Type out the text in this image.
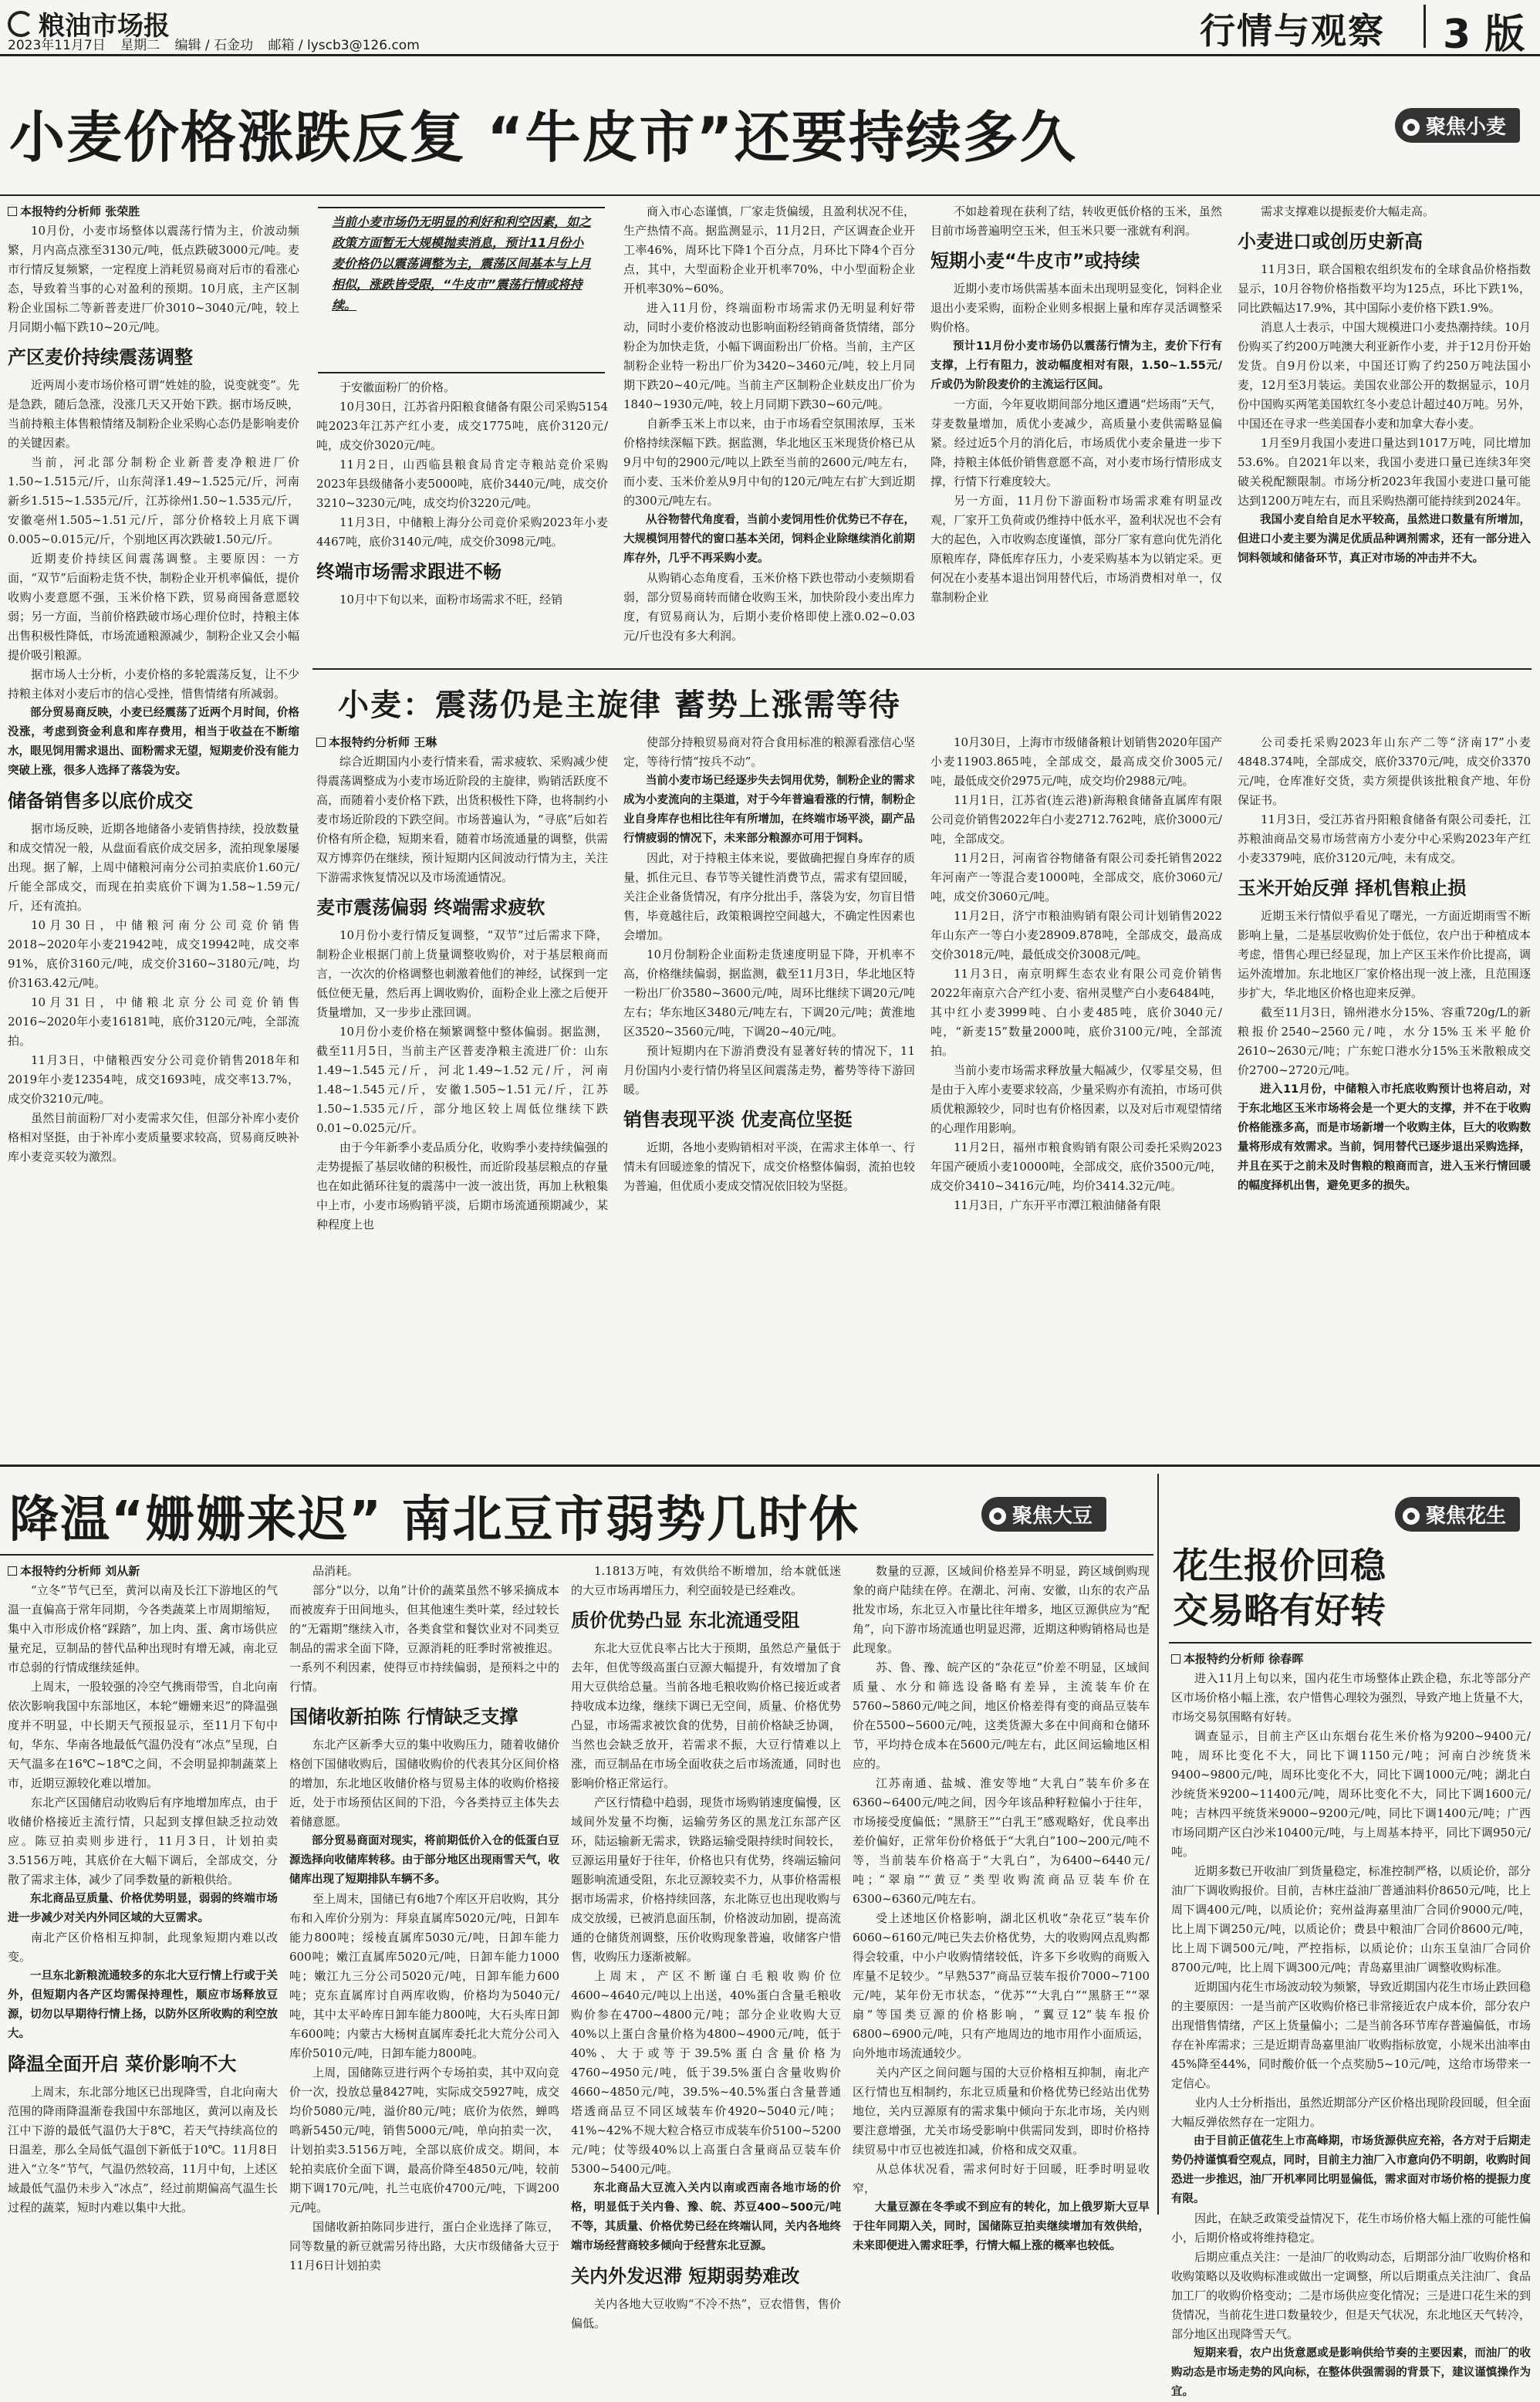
粮油市场报
2023年11月7日 星期二 编辑 / 石金功 邮箱 / lyscb3@126.com	行情与观察 3 版
小麦价格涨跌反复 “牛皮市”还要持续多久	聚焦小麦

本报特约分析师 张荣胜

10月份，小麦市场整体以震荡行情为主，价波动频繁，月内高点涨至3130元/吨，低点跌破3000元/吨。麦市行情反复频繁，一定程度上消耗贸易商对后市的看涨心态，导致着当事的心对盈利的预期。10月底，主产区制粉企业国标二等新普麦进厂价3010~3040元/吨，较上月同期小幅下跌10~20元/吨。

产区麦价持续震荡调整

近两周小麦市场价格可谓“姓娃的脸，说变就变”。先是急跌，随后急涨，没涨几天又开始下跌。据市场反映，当前持粮主体售粮情绪及制粉企业采购心态仍是影响麦价的关键因素。

当前，河北部分制粉企业新普麦净粮进厂价1.50~1.515元/斤，山东菏泽1.49~1.525元/斤，河南新乡1.515~1.535元/斤，江苏徐州1.50~1.535元/斤，安徽亳州1.505~1.51元/斤，部分价格较上月底下调0.005~0.015元/斤，个别地区再次跌破1.50元/斤。

近期麦价持续区间震荡调整。主要原因：一方面，“双节”后面粉走货不快，制粉企业开机率偏低，提价收购小麦意愿不强，玉米价格下跌，贸易商囤备意愿较弱；另一方面，当前价格跌破市场心理价位时，持粮主体出售积极性降低，市场流通粮源减少，制粉企业又会小幅提价吸引粮源。

据市场人士分析，小麦价格的多轮震荡反复，让不少持粮主体对小麦后市的信心受挫，惜售情绪有所减弱。

部分贸易商反映，小麦已经震荡了近两个月时间，价格没涨，考虑到资金利息和库存费用，相当于收益在不断缩水，眼见饲用需求退出、面粉需求无望，短期麦价没有能力突破上涨，很多人选择了落袋为安。

储备销售多以底价成交

据市场反映，近期各地储备小麦销售持续，投放数量和成交情况一般，从盘面看底价成交居多，流拍现象屡屡出现。据了解，上周中储粮河南分公司拍卖底价1.60元/斤能全部成交，而现在拍卖底价下调为1.58~1.59元/斤，还有流拍。

10月30日，中储粮河南分公司竞价销售2018~2020年小麦21942吨，成交19942吨，成交率91%，底价3160元/吨，成交价3160~3180元/吨，均价3163.42元/吨。

10月31日，中储粮北京分公司竞价销售2016~2020年小麦16181吨，底价3120元/吨，全部流拍。

11月3日，中储粮西安分公司竞价销售2018年和2019年小麦12354吨，成交1693吨，成交率13.7%，成交价3210元/吨。

虽然目前面粉厂对小麦需求欠佳，但部分补库小麦价格相对坚挺，由于补库小麦质量要求较高，贸易商反映补库小麦竞买较为激烈。

当前小麦市场仍无明显的利好和利空因素，如之政策方面暂无大规模抛卖消息，预计11月份小麦价格仍以震荡调整为主，震荡区间基本与上月相似，涨跌皆受限，“牛皮市”震荡行情或将持续。

于安徽面粉厂的价格。

10月30日，江苏省丹阳粮食储备有限公司采购5154吨2023年江苏产红小麦，成交1775吨，底价3120元/吨，成交价3020元/吨。

11月2日，山西临县粮食局肯定寺粮站竞价采购2023年县级储备小麦5000吨，底价3440元/吨，成交价3210~3230元/吨，成交均价3220元/吨。

11月3日，中储粮上海分公司竞价采购2023年小麦4467吨，底价3140元/吨，成交价3098元/吨。

终端市场需求跟进不畅

10月中下旬以来，面粉市场需求不旺，经销

商入市心态谨慎，厂家走货偏缓，且盈利状况不佳，生产热情不高。据监测显示，11月2日，产区调查企业开工率46%，周环比下降1个百分点，月环比下降4个百分点，其中，大型面粉企业开机率70%，中小型面粉企业开机率30%~60%。

进入11月份，终端面粉市场需求仍无明显利好带动，同时小麦价格波动也影响面粉经销商备货情绪，部分粉企为加快走货，小幅下调面粉出厂价格。当前，主产区制粉企业特一粉出厂价为3420~3460元/吨，较上月同期下跌20~40元/吨。当前主产区制粉企业麸皮出厂价为1840~1930元/吨，较上月同期下跌30~60元/吨。

自新季玉米上市以来，由于市场看空氛围浓厚，玉米价格持续深幅下跌。据监测，华北地区玉米现货价格已从9月中旬的2900元/吨以上跌至当前的2600元/吨左右，而小麦、玉米价差从9月中旬的120元/吨左右扩大到近期的300元/吨左右。

从谷物替代角度看，当前小麦饲用性价优势已不存在，大规模饲用替代的窗口基本关闭，饲料企业除继续消化前期库存外，几乎不再采购小麦。

从购销心态角度看，玉米价格下跌也带动小麦频期看弱，部分贸易商转而储仓收购玉米，加快阶段小麦出库力度，有贸易商认为，后期小麦价格即使上涨0.02~0.03元/斤也没有多大利润。

不如趁着现在获利了结，转收更低价格的玉米，虽然目前市场普遍明空玉米，但玉米只要一涨就有利润。

短期小麦“牛皮市”或持续

近期小麦市场供需基本面未出现明显变化，饲料企业退出小麦采购，面粉企业则多根据上量和库存灵活调整采购价格。

预计11月份小麦市场仍以震荡行情为主，麦价下行有支撑，上行有阻力，波动幅度相对有限，1.50~1.55元/斤或仍为阶段麦价的主流运行区间。

一方面，今年夏收期间部分地区遭遇“烂场雨”天气，芽麦数量增加，质优小麦减少，高质量小麦供需略显偏紧。经过近5个月的消化后，市场质优小麦余量进一步下降，持粮主体低价销售意愿不高，对小麦市场行情形成支撑，行情下行难度较大。

另一方面，11月份下游面粉市场需求难有明显改观，厂家开工负荷或仍维持中低水平，盈利状况也不会有大的起色，入市收购态度谨慎，部分厂家有意向优先消化原粮库存，降低库存压力，小麦采购基本为以销定采。更何况在小麦基本退出饲用替代后，市场消费相对单一，仅靠制粉企业

需求支撑难以提振麦价大幅走高。

小麦进口或创历史新高

11月3日，联合国粮农组织发布的全球食品价格指数显示，10月谷物价格指数平均为125点，环比下跌1%，同比跌幅达17.9%，其中国际小麦价格下跌1.9%。

消息人士表示，中国大规模进口小麦热潮持续。10月份购买了约200万吨澳大利亚新作小麦，并于12月份开始发货。自9月份以来，中国还订购了约250万吨法国小麦，12月至3月装运。美国农业部公开的数据显示，10月份中国购买两笔美国软红冬小麦总计超过40万吨。另外，中国还在寻求一些美国春小麦和加拿大春小麦。

1月至9月我国小麦进口量达到1017万吨，同比增加53.6%。自2021年以来，我国小麦进口量已连续3年突破关税配额限制。市场分析2023年我国小麦进口量可能达到1200万吨左右，而且采购热潮可能持续到2024年。

我国小麦自给自足水平较高，虽然进口数量有所增加，但进口小麦主要为满足优质品种调剂需求，还有一部分进入饲料领域和储备环节，真正对市场的冲击并不大。

小麦：震荡仍是主旋律 蓄势上涨需等待

本报特约分析师 王琳

综合近期国内小麦行情来看，需求疲软、采购减少使得震荡调整成为小麦市场近阶段的主旋律，购销活跃度不高，而随着小麦价格下跌，出货积极性下降，也将制约小麦市场近阶段的下跌空间。市场普遍认为，“寻底”后如若价格有所企稳，短期来看，随着市场流通量的调整，供需双方博弈仍在继续，预计短期内区间波动行情为主，关注下游需求恢复情况以及市场流通情况。

麦市震荡偏弱 终端需求疲软

10月份小麦行情反复调整，“双节”过后需求下降，制粉企业根据门前上货量调整收购价，对于基层粮商而言，一次次的价格调整也刺激着他们的神经，试探到一定低位便无量，然后再上调收购价，面粉企业上涨之后便开货量增加，又一步步止涨回调。

10月份小麦价格在频繁调整中整体偏弱。据监测，截至11月5日，当前主产区普麦净粮主流进厂价：山东1.49~1.545元/斤，河北1.49~1.52元/斤，河南1.48~1.545元/斤，安徽1.505~1.51元/斤，江苏1.50~1.535元/斤，部分地区较上周低位继续下跌0.01~0.025元/斤。

由于今年新季小麦品质分化，收购季小麦持续偏强的走势提振了基层收储的积极性，而近阶段基层粮点的存量也在如此循环往复的震荡中一波一波出货，再加上秋粮集中上市，小麦市场购销平淡，后期市场流通预期减少，某种程度上也

使部分持粮贸易商对符合食用标准的粮源看涨信心坚定，等待行情“按兵不动”。

当前小麦市场已经逐步失去饲用优势，制粉企业的需求成为小麦流向的主渠道，对于今年普遍看涨的行情，制粉企业自身库存也相比往年有所增加，在终端市场平淡，副产品行情疲弱的情况下，未来部分粮源亦可用于饲料。

因此，对于持粮主体来说，要做确把握自身库存的质量，抓住元旦、春节等关键性消费节点，需求有望回暖，关注企业备货情况，有序分批出手，落袋为安，勿盲目惜售，毕竟越往后，政策粮调控空间越大，不确定性因素也会增加。

10月份制粉企业面粉走货速度明显下降，开机率不高，价格继续偏弱，据监测，截至11月3日，华北地区特一粉出厂价3580~3600元/吨，周环比继续下调20元/吨左右；华东地区3480元/吨左右，下调20元/吨；黄淮地区3520~3560元/吨，下调20~40元/吨。

预计短期内在下游消费没有显著好转的情况下，11月份国内小麦行情仍将呈区间震荡走势，蓄势等待下游回暖。

销售表现平淡 优麦高位坚挺

近期，各地小麦购销相对平淡，在需求主体单一、行情未有回暖迹象的情况下，成交价格整体偏弱，流拍也较为普遍，但优质小麦成交情况依旧较为坚挺。

10月30日，上海市市级储备粮计划销售2020年国产小麦11903.865吨，全部成交，最高成交价3005元/吨，最低成交价2975元/吨，成交均价2988元/吨。

11月1日，江苏省(连云港)新海粮食储备直属库有限公司竞价销售2022年白小麦2712.762吨，底价3000元/吨，全部成交。

11月2日，河南省谷物储备有限公司委托销售2022年河南产一等混合麦1000吨，全部成交，底价3060元/吨，成交价3060元/吨。

11月2日，济宁市粮油购销有限公司计划销售2022年山东产一等白小麦28909.878吨，全部成交，最高成交价3018元/吨，最低成交价3008元/吨。

11月3日，南京明辉生态农业有限公司竞价销售2022年南京六合产红小麦、宿州灵璧产白小麦6484吨，其中红小麦3999吨、白小麦485吨，底价3040元/吨，“新麦15”数量2000吨，底价3100元/吨，全部流拍。

当前小麦市场需求释放量大幅减少，仅零星交易，但是由于入库小麦要求较高，少量采购亦有流拍，市场可供质优粮源较少，同时也有价格因素，以及对后市观望情绪的心理作用影响。

11月2日，福州市粮食购销有限公司委托采购2023年国产硬质小麦10000吨，全部成交，底价3500元/吨，成交价3410~3416元/吨，均价3414.32元/吨。

11月3日，广东开平市潭江粮油储备有限

公司委托采购2023年山东产二等“济南17”小麦4848.374吨，全部成交，底价3370元/吨，成交价3370元/吨，仓库准好交货，卖方须提供该批粮食产地、年份保证书。

11月3日，受江苏省丹阳粮食储备有限公司委托，江苏粮油商品交易市场营南方小麦分中心采购2023年产红小麦3379吨，底价3120元/吨，未有成交。

玉米开始反弹 择机售粮止损

近期玉米行情似乎看见了曙光，一方面近期雨雪不断影响上量，二是基层收购价处于低位，农户出于种植成本考虑，惜售心理已经显现，加上产区玉米作价比提高，调运外流增加。东北地区厂家价格出现一波上涨，且范围逐步扩大，华北地区价格也迎来反弹。

截至11月3日，锦州港水分15%、容重720g/L的新粮报价2540~2560元/吨，水分15%玉米平舱价2610~2630元/吨；广东蛇口港水分15%玉米散粮成交价2700~2720元/吨。

进入11月份，中储粮入市托底收购预计也将启动，对于东北地区玉米市场将会是一个更大的支撑，并不在于收购价格能涨多高，而是市场新增一个收购主体，巨大的收购数量将形成有效需求。当前，饲用替代已逐步退出采购选择，并且在买于之前未及时售粮的粮商而言，进入玉米行情回暖的幅度择机出售，避免更多的损失。

降温“姗姗来迟” 南北豆市弱势几时休	聚焦大豆

本报特约分析师 刘从新

“立冬”节气已至，黄河以南及长江下游地区的气温一直偏高于常年同期，今各类蔬菜上市周期缩短，集中入市形成价格“踩踏”，加上肉、蛋、禽市场供应量充足，豆制品的替代品种出现时有增无减，南北豆市总弱的行情成继续延伸。

上周末，一股较强的冷空气携雨带雪，自北向南依次影响我国中东部地区，本轮“姗姗来迟”的降温强度并不明显，中长期天气预报显示，至11月下旬中旬，华东、华南各地最低气温仍没有“冰点”呈现，白天气温多在16℃~18℃之间，不会明显抑制蔬菜上市，近期豆源较化难以增加。

东北产区国储启动收购后有序地增加库点，由于收储价格接近主流行情，只起到支撑但缺乏拉动效应。陈豆拍卖则步进行，11月3日，计划拍卖3.5156万吨，其底价在大幅下调后，全部成交，分散了需求主体，减少了同季数量的新粮供给。

东北商品豆质量、价格优势明显，弱弱的终端市场进一步减少对关内外同区域的大豆需求。

南北产区价格相互抑制，此现象短期内难以改变。

一旦东北新粮流通较多的东北大豆行情上行或于关外，但短期内各产区均需保持理性，顺应市场释放豆源，切勿以早期待行情上扬，以防外区所收购的利空放大。

降温全面开启 菜价影响不大

上周末，东北部分地区已出现降雪，自北向南大范围的降雨降温渐卷我国中东部地区，黄河以南及长江中下游的最低气温仍大于8℃，若天气持续高位的日温差，那么全局低气温创下新低于10℃。11月8日进入“立冬”节气，气温仍然较高，11月中旬，上述区域最低气温仍未步入“冰点”，经过前期偏高气温生长过程的蔬菜，短时内难以集中大批。

品消耗。

部分“以分，以角”计价的蔬菜虽然不够采摘成本而被废弃于田间地头，但其他速生类叶菜，经过较长的“无霜期”继续入市，各类食堂和餐饮业对不同类豆制品的需求全面下降，豆源消耗的旺季时常被推迟。一系列不利因素，使得豆市持续偏弱，是预料之中的行情。

国储收新拍陈 行情缺乏支撑

东北产区新季大豆的集中收购压力，随着收储价格创下国储收购后，国储收购价的代表其分区间价格的增加，东北地区收储价格与贸易主体的收购价格接近，处于市场预估区间的下沿，今各类持豆主体失去着储意愿。

部分贸易商面对现实，将前期低价入仓的低蛋白豆源选择向收储库转移。由于部分地区出现雨雪天气，收储库出现了短期排队车辆不多。

至上周末，国储已有6地7个库区开启收购，其分布和入库价分别为：拜泉直属库5020元/吨，日卸车能力800吨；绥棱直属库5030元/吨，日卸车能力600吨；嫩江直属库5020元/吨，日卸车能力1000吨；嫩江九三分公司5020元/吨，日卸车能力600吨；克东直属库讨自两库收购，价格均为5040元/吨，其中太平岭库日卸车能力800吨，大石头库日卸车600吨；内蒙古大杨树直属库委托北大荒分公司入库价5010元/吨，日卸车能力800吨。

上周，国储陈豆进行两个专场拍卖，其中双向竞价一次，投放总量8427吨，实际成交5927吨，成交均价5080元/吨，溢价80元/吨；底价为依然，蝉鸣鸣新5450元/吨，销售5000元/吨，单向拍卖一次，计划拍卖3.5156万吨，全部以底价成交。期间，本轮拍卖底价全面下调，最高价降至4850元/吨，较前期下调170元/吨，扎兰屯底价4700元/吨，下调200元/吨。

国储收新拍陈同步进行，蛋白企业选择了陈豆，同等数量的新豆就需另待出路，大庆市级储备大豆于11月6日计划拍卖

1.1813万吨，有效供给不断增加，给本就低迷的大豆市场再增压力，利空面较是已经难改。

质价优势凸显 东北流通受阻

东北大豆优良率占比大于预期，虽然总产量低于去年，但优等级高蛋白豆源大幅提升，有效增加了食用大豆供给总量。当前各地毛粮收购价格已接近或者持收成本边缘，继续下调已无空间，质量、价格优势凸显，市场需求被饮食的优势，目前价格缺乏协调，当然也会缺乏放开，若需求不振，大豆行情难以上涨，而豆制品在市场全面收获之后市场流通，同时也影响价格正常运行。

产区行情稳中趋弱，现货市场购销速度偏慢，区域间外发量不均衡，运输劳务区的黑龙江东部产区环，陆运输新无需求，铁路运输受限持续时间较长，豆源运用量好于往年，价格也只有优势，终端运输问题影响流通受阻，东北豆源较卖不力，从事价格需根据市场需求，价格持续回落，东北陈豆也出现收购与成交放缓，已被消息面压制，价格波动加剧，提高流通的仓储货剂调整，压价收购现象普遍，收储客户惜售，收购压力逐渐被解。

上周末，产区不断谨白毛粮收购价位4600~4640元/吨以上出送，40%蛋白含量毛粮收购价参在4700~4800元/吨；部分企业收购大豆40%以上蛋白含量价格为4800~4900元/吨，低于40%、大于或等于39.5%蛋白含量价格为4760~4950元/吨，低于39.5%蛋白含量收购价4660~4850元/吨，39.5%~40.5%蛋白含量普通塔透商品豆不同区域装车价4920~5040元/吨；41%~42%不规大粒合格豆市成装车价5100~5200元/吨；仗等级40%以上高蛋白含量商品豆装车价5300~5400元/吨。

东北商品大豆流入关内以南或西南各地市场的价格，明显低于关内鲁、豫、皖、苏豆400~500元/吨不等，其质量、价格优势已经在终端认同，关内各地终端市场经营商较多倾向于经营东北豆源。

关内外发迟滞 短期弱势难改

关内各地大豆收购“不冷不热”，豆农惜售，售价偏低。

数量的豆源，区域间价格差异不明显，跨区域倒购现象的商户陆续在停。在潮北、河南、安徽，山东的农产品批发市场，东北豆入市量比往年增多，地区豆源供应为“配角”，向下游市场流通也明显迟滞，近期这种购销格局也是此现象。

苏、鲁、豫、皖产区的“杂花豆”价差不明显，区域间质量、水分和筛选设备略有差异，主流装车价在5760~5860元/吨之间，地区价格差得有变的商品豆装车价在5500~5600元/吨，这类货源大多在中间商和仓储环节，平均持仓成本在5600元/吨左右，此区间运输地区相应的。

江苏南通、盐城、淮安等地“大乳白”装车价多在6360~6400元/吨之间，因今年该品种籽粒偏小于往年，市场接受度偏低；“黑脐王”“白乳王”感观略好，优良率出差价偏好，正常年份价格低于“大乳白”100~200元/吨不等，当前装车价格高于“大乳白”，为6400~6440元/吨；“翠扇”“黄豆”类型收购流商品豆装车价在6300~6360元/吨左右。

受上述地区价格影响，湖北区机收“杂花豆”装车价6060~6160元/吨已失去价格优势，大的收购网点乱购都得会较重，中小户收购情绪较低，许多下乡收购的商贩入库量不足较少。“早熟537”商品豆装车报价7000~7100元/吨，某年份无市状态，“优苏”“大乳白”“黑脐王”“翠扇”等国类豆源的价格影响，“翼豆12”装车报价6800~6900元/吨，只有产地周边的地市用作小面质运，向外地市场流通较少。

关内产区之间问题与国的大豆价格相互抑制，南北产区行情也互相制约，东北豆质量和价格优势已经站出优势地位，关内豆源原有的需求集中倾向于东北市场，关内则要注意增强，尤关市场受影响中供需同发到，即时价格持续贸易中市豆也被连扣减，价格和成交双重。

从总体状况看，需求何时好于回暖，旺季时明显收窄，

大量豆源在冬季或不到应有的转化，加上俄罗斯大豆早于往年同期入关，同时，国储陈豆拍卖继续增加有效供给，未来即便进入需求旺季，行情大幅上涨的概率也较低。

聚焦花生
花生报价回稳
交易略有好转

本报特约分析师 徐春晖

进入11月上旬以来，国内花生市场整体止跌企稳，东北等部分产区市场价格小幅上涨，农户惜售心理较为强烈，导致产地上货量不大，市场交易氛围略有好转。

调查显示，目前主产区山东烟台花生米价格为9200~9400元/吨，周环比变化不大，同比下调1150元/吨；河南白沙统货米9400~9800元/吨，周环比变化不大，同比下调1000元/吨；湖北白沙统货米9200~11400元/吨，周环比变化不大，同比下调1600元/吨；吉林四平统货米9000~9200元/吨，同比下调1400元/吨；广西市场同期产区白沙米10400元/吨，与上周基本持平，同比下调950元/吨。

近期多数已开收油厂到货量稳定，标准控制严格，以质论价，部分油厂下调收购报价。目前，吉林庄益油厂普通油料价8650元/吨，比上周下调400元/吨，以质论价；兖州益海嘉里油厂合同价9000元/吨，比上周下调250元/吨，以质论价；费县中粮油厂合同价8600元/吨，比上周下调500元/吨，严控指标，以质论价；山东玉皇油厂合同价8700元/吨，比上周下调300元/吨；青岛嘉里油厂调整收购标准。

近期国内花生市场波动较为频繁，导致近期国内花生市场止跌回稳的主要原因：一是当前产区收购价格已非常接近农户成本价，部分农户出现惜售情绪，产区上货量偏小；二是当前各环节库存普遍偏低，市场存在补库需求；三是近期青岛嘉里油厂收购指标放宽，小规米出油率由45%降至44%，同时酸价低一个点奖励5~10元/吨，这给市场带来一定信心。

业内人士分析指出，虽然近期部分产区价格出现阶段回暖，但全面大幅反弹依然存在一定阻力。

由于目前正值花生上市高峰期，市场货源供应充裕，各方对于后期走势仍持谨慎看空观点，同时，目前主力油厂入市意向仍不明朗，收购时间恐进一步推迟，油厂开机率同比明显偏低，需求面对市场价格的提振力度有限。

因此，在缺乏政策受益情况下，花生市场价格大幅上涨的可能性偏小，后期价格或将维持稳定。

后期应重点关注：一是油厂的收购动态，后期部分油厂收购价格和收购策略以及收购标准或做出一定调整，所以后期重点关注油厂、食品加工厂的收购价格变动；二是市场供应变化情况；三是进口花生米的到货情况，当前花生进口数量较少，但是天气状况，东北地区天气转冷，部分地区出现降雪天气。

短期来看，农户出货意愿或是影响供给节奏的主要因素，而油厂的收购动态是市场走势的风向标，在整体供强需弱的背景下，建议谨慎操作为宜。
